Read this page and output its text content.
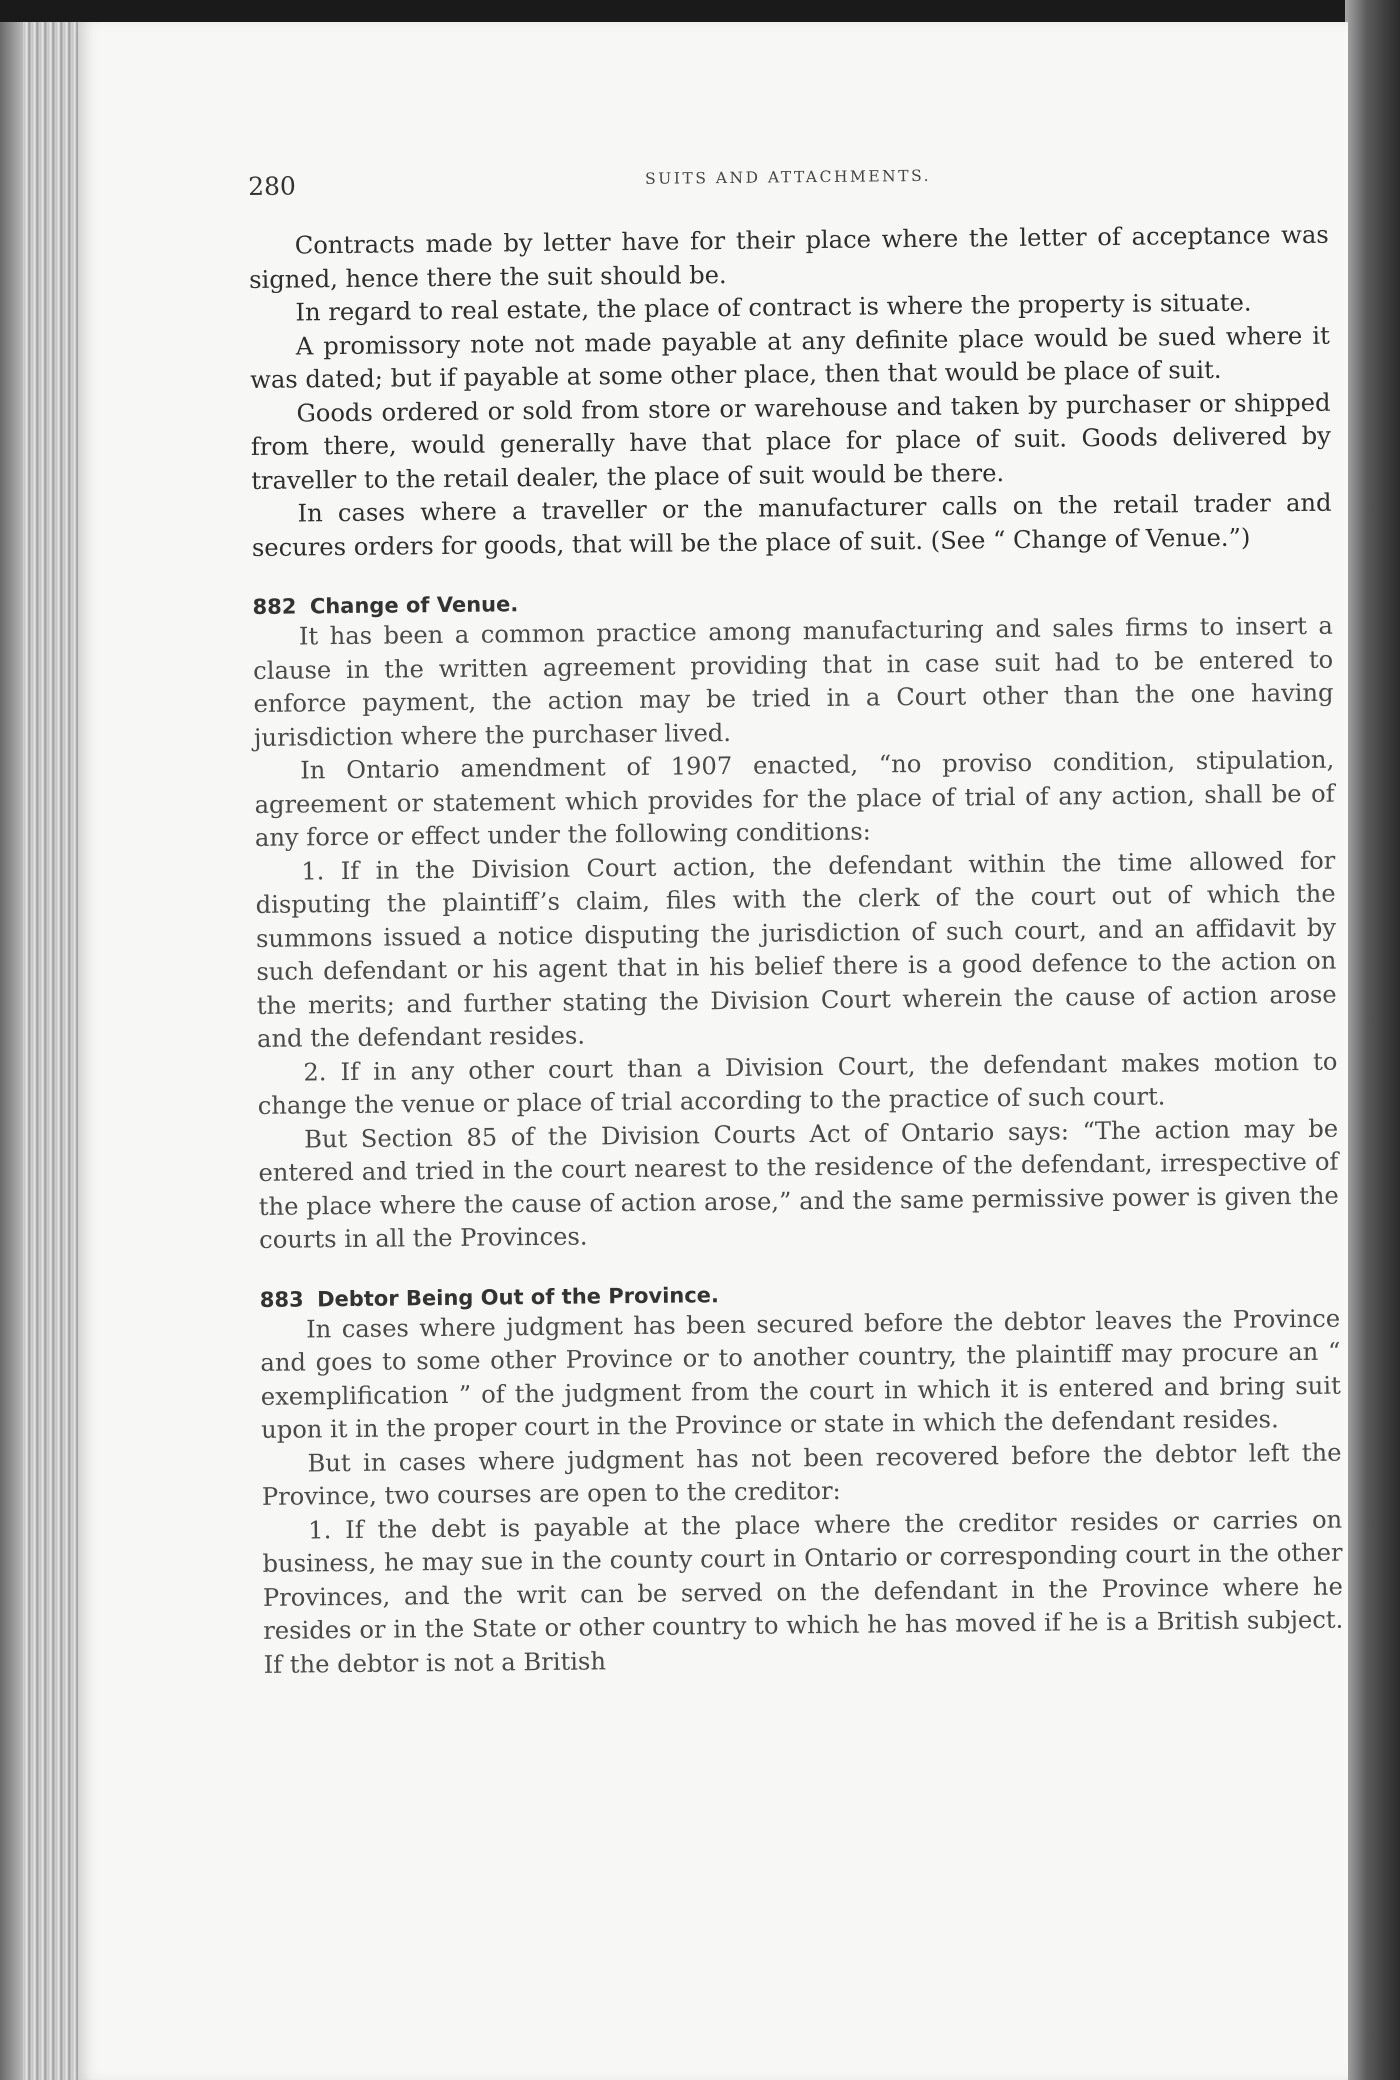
280	SUITS AND ATTACHMENTS.

Contracts made by letter have for their place where the letter of acceptance was signed, hence there the suit should be.

In regard to real estate, the place of contract is where the property is situate.

A promissory note not made payable at any definite place would be sued where it was dated; but if payable at some other place, then that would be place of suit.

Goods ordered or sold from store or warehouse and taken by purchaser or shipped from there, would generally have that place for place of suit. Goods delivered by traveller to the retail dealer, the place of suit would be there.

In cases where a traveller or the manufacturer calls on the retail trader and secures orders for goods, that will be the place of suit. (See “ Change of Venue.”)

882 Change of Venue.

It has been a common practice among manufacturing and sales firms to insert a clause in the written agreement providing that in case suit had to be entered to enforce payment, the action may be tried in a Court other than the one having jurisdiction where the purchaser lived.

In Ontario amendment of 1907 enacted, “no proviso condition, stipulation, agreement or statement which provides for the place of trial of any action, shall be of any force or effect under the following conditions:

1. If in the Division Court action, the defendant within the time allowed for disputing the plaintiff’s claim, files with the clerk of the court out of which the summons issued a notice disputing the jurisdiction of such court, and an affidavit by such defendant or his agent that in his belief there is a good defence to the action on the merits; and further stating the Division Court wherein the cause of action arose and the defendant resides.

2. If in any other court than a Division Court, the defendant makes motion to change the venue or place of trial according to the practice of such court.

But Section 85 of the Division Courts Act of Ontario says: “The action may be entered and tried in the court nearest to the residence of the defendant, irrespective of the place where the cause of action arose,” and the same permissive power is given the courts in all the Provinces.

883 Debtor Being Out of the Province.

In cases where judgment has been secured before the debtor leaves the Province and goes to some other Province or to another country, the plaintiff may procure an “ exemplification ” of the judgment from the court in which it is entered and bring suit upon it in the proper court in the Province or state in which the defendant resides.

But in cases where judgment has not been recovered before the debtor left the Province, two courses are open to the creditor:

1. If the debt is payable at the place where the creditor resides or carries on business, he may sue in the county court in Ontario or corresponding court in the other Provinces, and the writ can be served on the defendant in the Province where he resides or in the State or other country to which he has moved if he is a British subject. If the debtor is not a British
